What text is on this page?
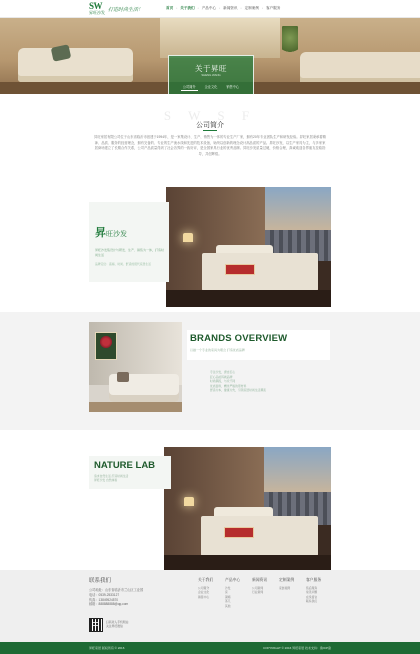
SW
昇旺沙发 打造时尚生活！	首页	• 关于我们	• 产品中心	• 新闻资讯	• 定制案例	• 客户服务
关于昇旺
SHENG WANG
公司简介	企业文化	销售中心
S W S F
公司简介
昇旺家居有限公司位于山东省临沂市创建于1994年，是一家集设计、生产、销售为一体的专业生产厂家，拥有20年专业团队生产和研发经验。昇旺家居秉承着精神、品质、服务的经营理念，拥有完备的、专业的生产流水线和先进的技术设备，始终以创新的理念设计高品质的产品。昇旺沙发，以生产家具为主，与多家家居商场建立了长期合作关系，公司产品质量得到了社会各界的一致好评，是全国家具行业的优秀品牌。昇旺沙发质量过硬，价格合理，真诚欢迎各界朋友莅临指导，共创辉煌。
昇旺沙发
昇旺沙发集设计与研发、生产、销售为一体，打造时尚生活
品牌定位：高端、时尚、舒适的现代家居生活
BRANDS OVERVIEW
以做一个专业的家具为理念 打造优质品牌
专注沙发，源自匠心
匠心品质铸就品牌
时尚潮流，与众不同
优质面料，精选严格的原材料
舒适为本，健康为先，引领家居时尚生活潮流
NATURE LAB
追求自然生活 打造时尚生活
昇旺沙发 自然体验
联系我们
公司地址：山东省临沂市兰山区工业园
电话：0539-2533127
传真：13849524570
邮箱：888888888@qq.com
扫码进入手机网站
关注昇旺微信
关于我们
公司简介
企业文化
销售中心
产品中心
沙发
床
餐椅
茶几
其他
新闻资讯
公司新闻
行业新闻
定制案例
家装案例
客户服务
售后服务
常见问题
在线留言
联系我们
昇旺家居 版权所有 © 2016	COPYRIGHT © 2016 昇旺家居 技术支持：鲁ICP备
